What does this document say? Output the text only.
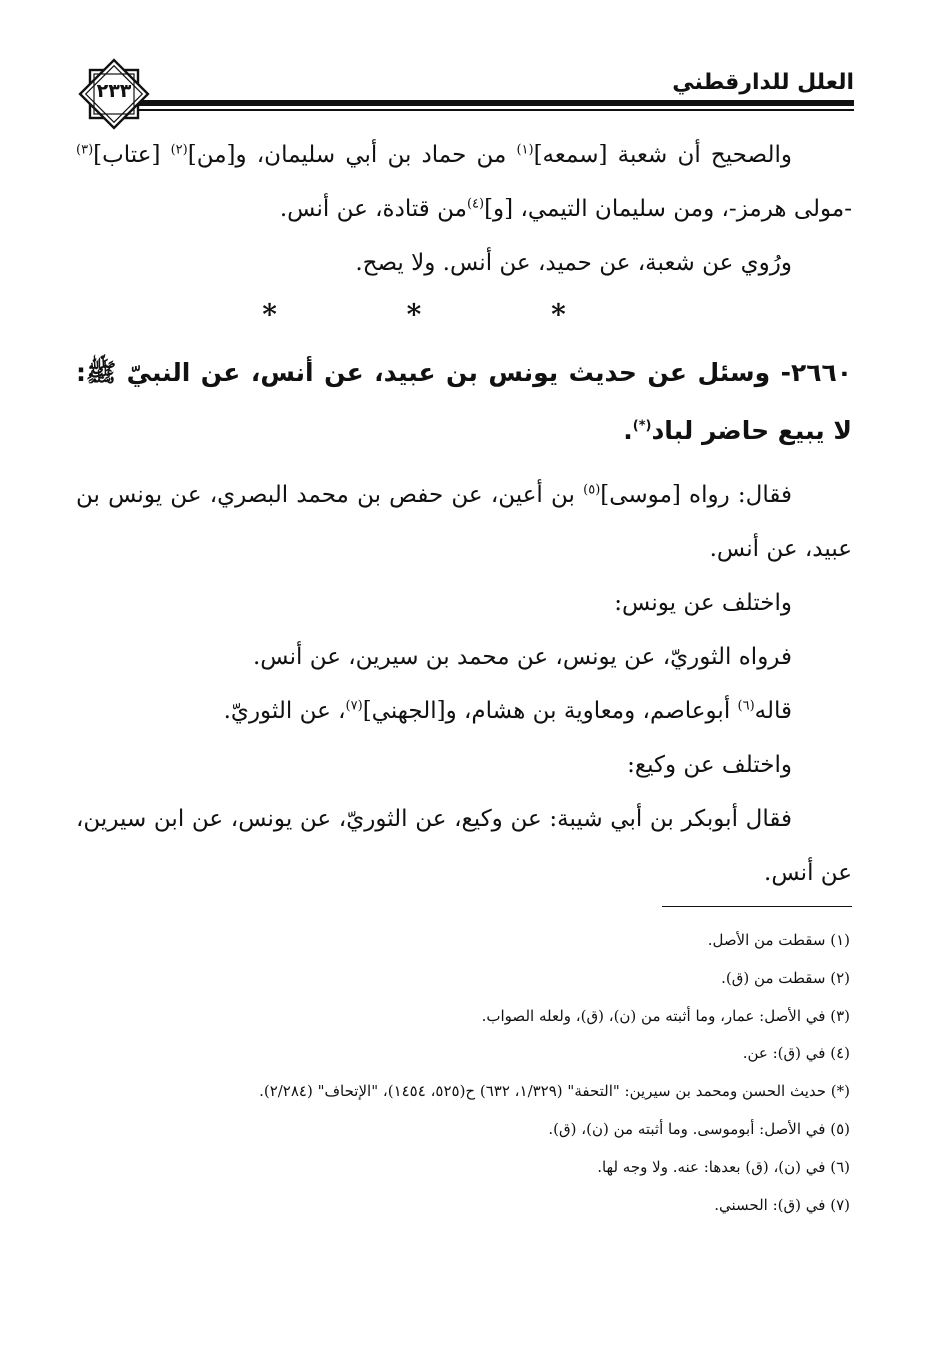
العلل للدارقطني
٢٣٣

والصحيح أن شعبة [سمعه]$^{(١)}$ من حماد بن أبي سليمان، و[من]$^{(٢)}$ [عتاب]$^{(٣)}$ -مولى هرمز-، ومن سليمان التيمي، [و]$^{(٤)}$من قتادة، عن أنس.

ورُوي عن شعبة، عن حميد، عن أنس. ولا يصح.

* * *

٢٦٦٠- وسئل عن حديث يونس بن عبيد، عن أنس، عن النبيّ ﷺ: لا يبيع حاضر لباد(*).

فقال: رواه [موسى]$^{(٥)}$ بن أعين، عن حفص بن محمد البصري، عن يونس بن عبيد، عن أنس.

واختلف عن يونس:

فرواه الثوريّ، عن يونس، عن محمد بن سيرين، عن أنس.

قاله$^{(٦)}$ أبوعاصم، ومعاوية بن هشام، و[الجهني]$^{(٧)}$، عن الثوريّ.

واختلف عن وكيع:

فقال أبوبكر بن أبي شيبة: عن وكيع، عن الثوريّ، عن يونس، عن ابن سيرين، عن أنس.

(١) سقطت من الأصل.
(٢) سقطت من (ق).
(٣) في الأصل: عمار، وما أثبته من (ن)، (ق)، ولعله الصواب.
(٤) في (ق): عن.
(*) حديث الحسن ومحمد بن سيرين: "التحفة" (١/٣٢٩، ٦٣٢) ح(٥٢٥، ١٤٥٤)، "الإتحاف" (٢/٢٨٤).
(٥) في الأصل: أبوموسى. وما أثبته من (ن)، (ق).
(٦) في (ن)، (ق) بعدها: عنه. ولا وجه لها.
(٧) في (ق): الحسني.
